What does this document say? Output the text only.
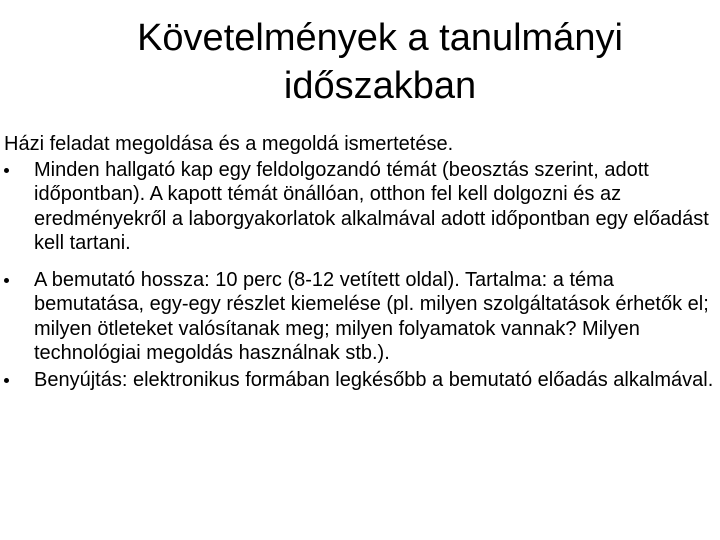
Követelmények a tanulmányi
időszakban

Házi feladat megoldása és a megoldá ismertetése.

Minden hallgató kap egy feldolgozandó témát (beosztás szerint, adott időpontban). A kapott témát önállóan, otthon fel kell dolgozni és az eredményekről a laborgyakorlatok alkalmával adott időpontban egy előadást kell tartani.
A bemutató hossza: 10 perc (8-12 vetített oldal). Tartalma: a téma bemutatása, egy-egy részlet kiemelése (pl. milyen szolgáltatások érhetők el; milyen ötleteket valósítanak meg; milyen folyamatok vannak? Milyen technológiai megoldás használnak stb.).
Benyújtás: elektronikus formában legkésőbb a bemutató előadás alkalmával.
